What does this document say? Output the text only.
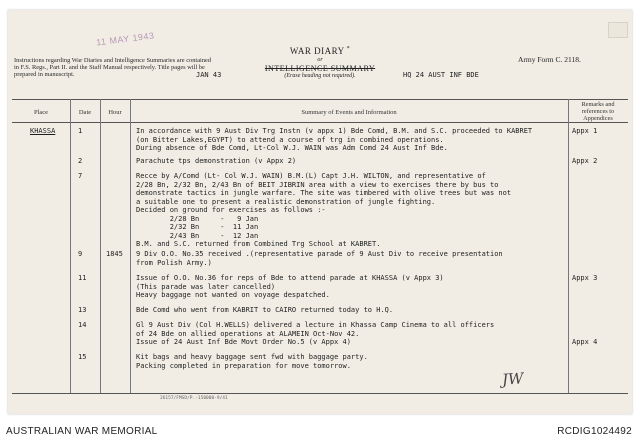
Instructions regarding War Diaries and Intelligence Summaries are contained in F.S. Regs., Part II. and the Staff Manual respectively. Title pages will be prepared in manuscript.
11 MAY 1943
JAN 43
WAR DIARY *
or
INTELLIGENCE SUMMARY
(Erase heading not required).	HQ 24 AUST INF BDE
Army Form C. 2118.
Place	Date	Hour	Summary of Events and Information
Remarks and references to Appendices
KHASSA	1	In accordance with 9 Aust Div Trg Instn (v appx 1) Bde Comd, B.M. and S.C. proceeded to KABRET
(on Bitter Lakes,EGYPT) to attend a course of trg in combined operations.
During absence of Bde Comd, Lt-Col W.J. WAIN was Adm Comd 24 Aust Inf Bde.
Appx 1
2	Parachute tps demonstration (v Appx 2)	Appx 2
7	Recce by A/Comd (Lt- Col W.J. WAIN) B.M.(L) Capt J.H. WILTON, and representative of
2/28 Bn, 2/32 Bn, 2/43 Bn of BEIT JIBRIN area with a view to exercises there by bus to
demonstrate tactics in jungle warfare. The site was timbered with olive trees but was not
a suitable one to present a realistic demonstration of jungle fighting.
Decided on ground for exercises as follows :-
2/28 Bn     -   9 Jan
2/32 Bn     -  11 Jan
2/43 Bn     -  12 Jan
B.M. and S.C. returned from Combined Trg School at KABRET.
9	1845 9 Div O.O. No.35 received .(representative parade of 9 Aust Div to receive presentation
from Polish Army.)
11	Issue of O.O. No.36 for reps of Bde to attend parade at KHASSA (v Appx 3)
(This parade was later cancelled)
Heavy baggage not wanted on voyage despatched.
Appx 3
13	Bde Comd who went from KABRIT to CAIRO returned today to H.Q.
14	Gl 9 Aust Div (Col H.WELLS) delivered a lecture in Khassa Camp Cinema to all officers
of 24 Bde on allied operations at ALAMEIN Oct-Nov 42.
Issue of 24 Aust Inf Bde Movt Order No.5 (v Appx 4)	Appx 4
15	Kit bags and heavy baggage sent fwd with baggage party.
Packing completed in preparation for move tomorrow.
JW
26157/FMSD/P.-150000-9/41
AUSTRALIAN WAR MEMORIAL	RCDIG1024492
